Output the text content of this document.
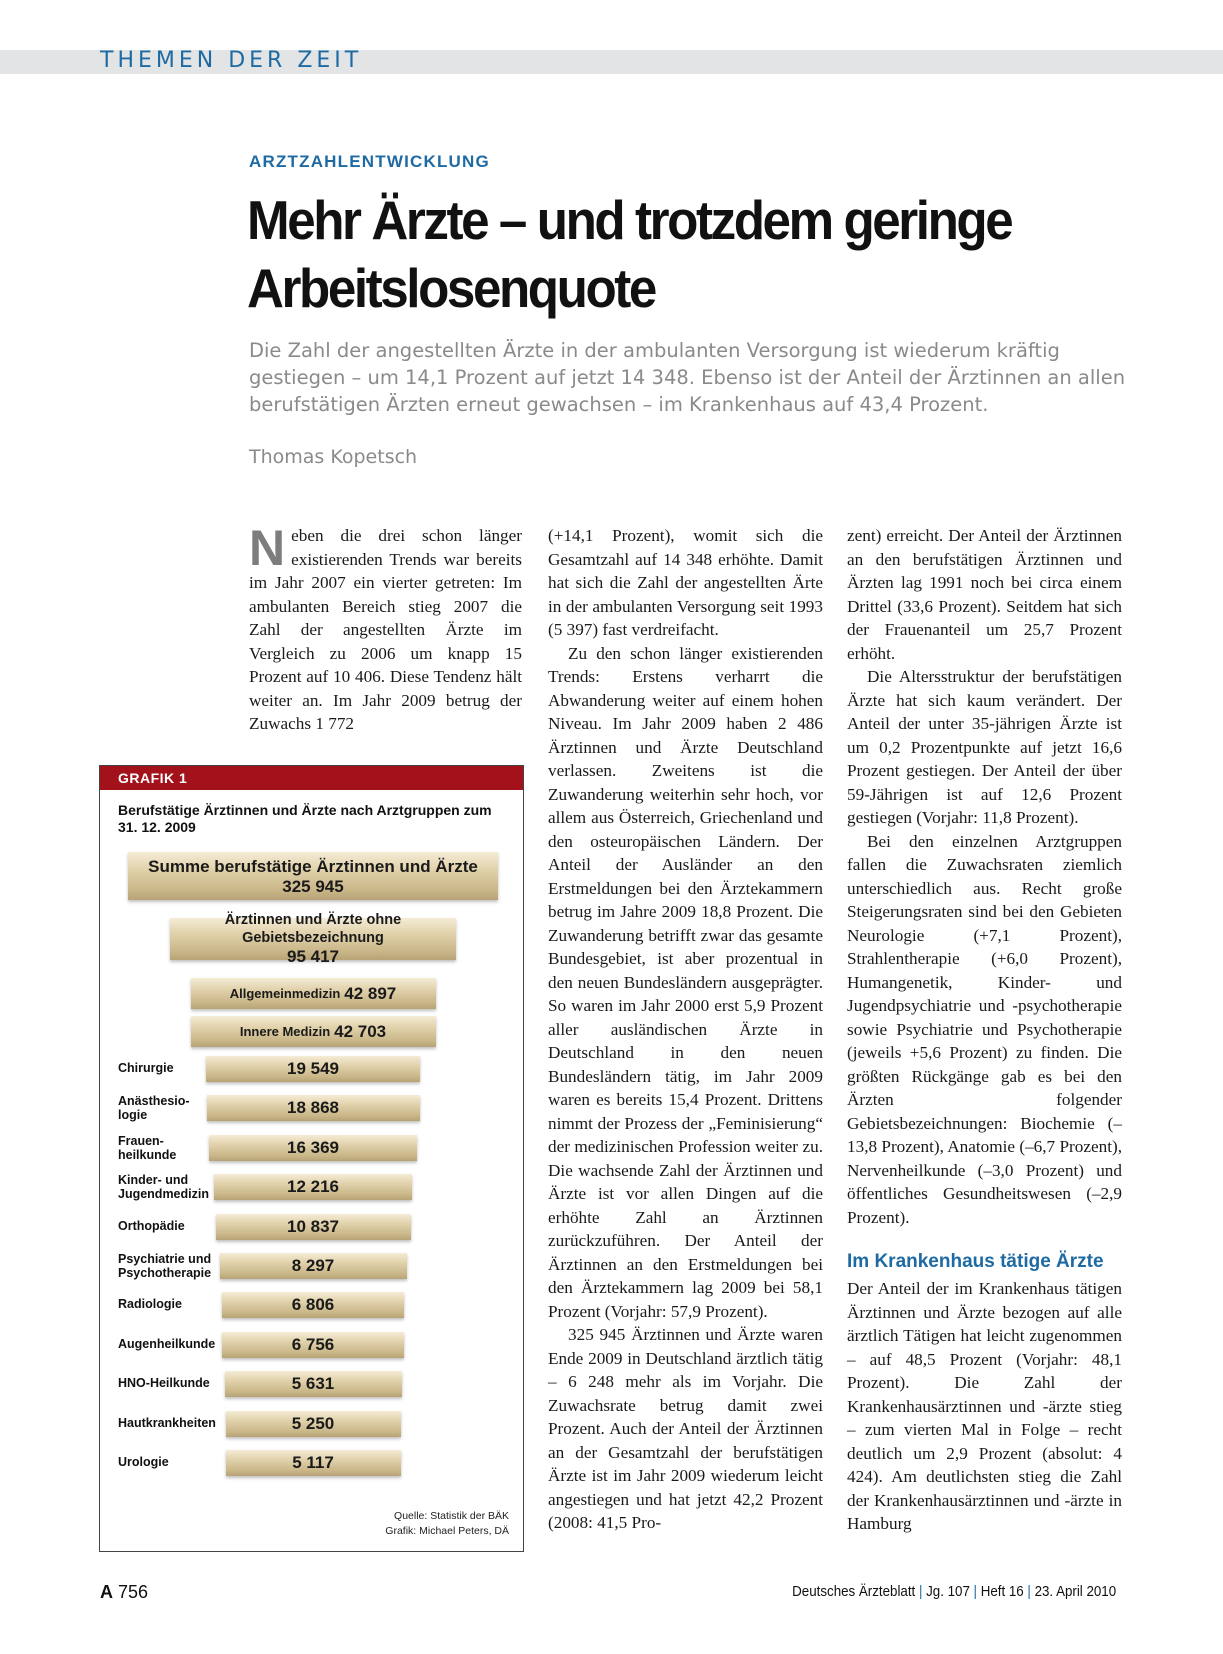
THEMEN DER ZEIT
ARZTZAHLENTWICKLUNG
Mehr Ärzte – und trotzdem geringe Arbeitslosenquote

Die Zahl der angestellten Ärzte in der ambulanten Versorgung ist wiederum kräftig gestiegen – um 14,1 Prozent auf jetzt 14 348. Ebenso ist der Anteil der Ärztinnen an allen berufstätigen Ärzten erneut gewachsen – im Krankenhaus auf 43,4 Prozent.

Thomas Kopetsch

Neben die drei schon länger existierenden Trends war bereits im Jahr 2007 ein vierter getreten: Im ambulanten Bereich stieg 2007 die Zahl der angestellten Ärzte im Vergleich zu 2006 um knapp 15 Prozent auf 10 406. Diese Tendenz hält weiter an. Im Jahr 2009 betrug der Zuwachs 1 772

(+14,1 Prozent), womit sich die Gesamtzahl auf 14 348 erhöhte. Damit hat sich die Zahl der angestellten Ärte in der ambulanten Versorgung seit 1993 (5 397) fast verdreifacht.

Zu den schon länger existierenden Trends: Erstens verharrt die Abwanderung weiter auf einem hohen Niveau. Im Jahr 2009 haben 2 486 Ärztinnen und Ärzte Deutschland verlassen. Zweitens ist die Zuwanderung weiterhin sehr hoch, vor allem aus Österreich, Griechenland und den osteuropäischen Ländern. Der Anteil der Ausländer an den Erstmeldungen bei den Ärztekammern betrug im Jahre 2009 18,8 Prozent. Die Zuwanderung betrifft zwar das gesamte Bundesgebiet, ist aber prozentual in den neuen Bundesländern ausgeprägter. So waren im Jahr 2000 erst 5,9 Prozent aller ausländischen Ärzte in Deutschland in den neuen Bundesländern tätig, im Jahr 2009 waren es bereits 15,4 Prozent. Drittens nimmt der Prozess der „Feminisierung“ der medizinischen Profession weiter zu. Die wachsende Zahl der Ärztinnen und Ärzte ist vor allen Dingen auf die erhöhte Zahl an Ärztinnen zurückzuführen. Der Anteil der Ärztinnen an den Erstmeldungen bei den Ärztekammern lag 2009 bei 58,1 Prozent (Vorjahr: 57,9 Prozent).

325 945 Ärztinnen und Ärzte waren Ende 2009 in Deutschland ärztlich tätig – 6 248 mehr als im Vorjahr. Die Zuwachsrate betrug damit zwei Prozent. Auch der Anteil der Ärztinnen an der Gesamtzahl der berufstätigen Ärzte ist im Jahr 2009 wiederum leicht angestiegen und hat jetzt 42,2 Prozent (2008: 41,5 Pro-

zent) erreicht. Der Anteil der Ärztinnen an den berufstätigen Ärztinnen und Ärzten lag 1991 noch bei circa einem Drittel (33,6 Prozent). Seitdem hat sich der Frauenanteil um 25,7 Prozent erhöht.

Die Altersstruktur der berufstätigen Ärzte hat sich kaum verändert. Der Anteil der unter 35-jährigen Ärzte ist um 0,2 Prozentpunkte auf jetzt 16,6 Prozent gestiegen. Der Anteil der über 59-Jährigen ist auf 12,6 Prozent gestiegen (Vorjahr: 11,8 Prozent).

Bei den einzelnen Arztgruppen fallen die Zuwachsraten ziemlich unterschiedlich aus. Recht große Steigerungsraten sind bei den Gebieten Neurologie (+7,1 Prozent), Strahlentherapie (+6,0 Prozent), Humangenetik, Kinder- und Jugendpsychiatrie und -psychotherapie sowie Psychiatrie und Psychotherapie (jeweils +5,6 Prozent) zu finden. Die größten Rückgänge gab es bei den Ärzten folgender Gebietsbezeichnungen: Biochemie (–13,8 Prozent), Anatomie (–6,7 Prozent), Nervenheilkunde (–3,0 Prozent) und öffentliches Gesundheitswesen (–2,9 Prozent).

Im Krankenhaus tätige Ärzte

Der Anteil der im Krankenhaus tätigen Ärztinnen und Ärzte bezogen auf alle ärztlich Tätigen hat leicht zugenommen – auf 48,5 Prozent (Vorjahr: 48,1 Prozent). Die Zahl der Krankenhausärztinnen und -ärzte stieg – zum vierten Mal in Folge – recht deutlich um 2,9 Prozent (absolut: 4 424). Am deutlichsten stieg die Zahl der Krankenhausärztinnen und -ärzte in Hamburg

GRAFIK 1
Berufstätige Ärztinnen und Ärzte nach Arztgruppen zum 31. 12. 2009
Quelle: Statistik der BÄK
Grafik: Michael Peters, DÄ
Summe berufstätige Ärztinnen und Ärzte
325 945
Ärztinnen und Ärzte ohne Gebietsbezeichnung
95 417
Allgemeinmedizin 42 897
Innere Medizin 42 703
19 549
Chirurgie
18 868
Anästhesio-
logie
16 369
Frauen-
heilkunde
12 216
Kinder- und
Jugendmedizin
10 837
Orthopädie
8 297
Psychiatrie und
Psychotherapie
6 806
Radiologie
6 756
Augenheilkunde
5 631
HNO-Heilkunde
5 250
Hautkrankheiten
5 117
Urologie
A 756	Deutsches Ärzteblatt | Jg. 107 | Heft 16 | 23. April 2010
